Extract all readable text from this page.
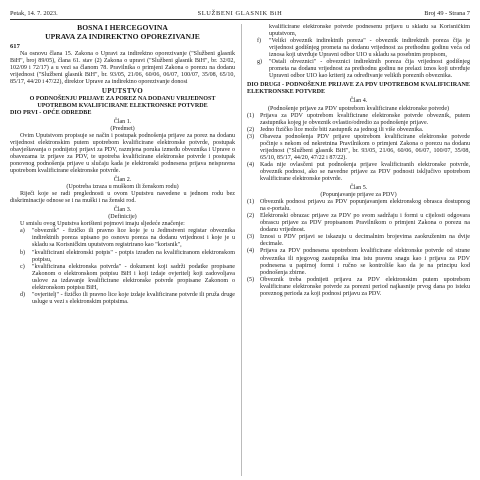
Petak, 14. 7. 2023.	SLUŽBENI GLASNIK BiH	Broj 49 - Strana 7

BOSNA I HERCEGOVINA

UPRAVA ZA INDIREKTNO OPOREZIVANJE

617

Na osnovu člana 15. Zakona o Upravi za indirektno oporezivanje ("Službeni glasnik BiH", broj 89/05), člana 61. stav (2) Zakona o upravi ("Službeni glasnik BiH", br. 32/02, 102/09 i 72/17) a u vezi sa članom 78. Pravilnika o primjeni Zakona o porezu na dodanu vrijednost ("Službeni glasnik BiH", br. 93/05, 21/06, 60/06, 06/07, 100/07, 35/08, 65/10, 85/17, 44/20 i 47/22), direktor Uprave za indirektno oporezivanje donosi

UPUTSTVO

O PODNOŠENJU PRIJAVE ZA POREZ NA DODANU VRIJEDNOST UPOTREBOM KVALIFICIRANE ELEKTRONSKE POTVRDE

DIO PRVI - OPĆE ODREDBE

Član 1.

(Predmet)

Ovim Uputstvom propisuje se način i postupak podnošenja prijave za porez na dodanu vrijednost elektronskim putem upotrebom kvalificirane elektronske potvrde, postupak obavještavanja o podnijetoj prijavi za PDV, razmjena poruka između obveznika i Uprave o obavezama iz prijave za PDV, te upotreba kvalificirane elektronske potvrde i postupak ponovnog podnošenja prijave u slučaju kada je elektronski podnesena prijava neispravna upotrebom kvalificirane elektronske potvrde.

Član 2.

(Upotreba izraza u muškom ili ženskom rodu)

Riječi koje se radi preglednosti u ovom Uputstvu navedene u jednom rodu bez diskriminacije odnose se i na muški i na ženski rod.

Član 3.

(Definicije)

U smislu ovog Uputstva korišteni pojmovi imaju sljedeće značenje:

a)	"obveznik" - fizičko ili pravno lice koje je u Jedinstveni registar obveznika indirektnih poreza upisano po osnovu poreza na dodanu vrijednost i koje je u skladu sa Korisničkim uputstvom registrirano kao "korisnik",
b)	"kvalificirani elektronski potpis" - potpis izrađen na kvalificiranom elektronskom potpisu,
c)	"kvalificirana elektronska potvrda" - dokument koji sadrži podatke propisane Zakonom o elektronskom potpisu BiH i koji izdaje ovjeritelj koji zadovoljava uslove za izdavanje kvalificirane elektronske potvrde propisane Zakonom o elektronskom potpisu BiH,
d)	"ovjeritelj" - fizičko ili pravno lice koje izdaje kvalificirane potvrde ili pruža druge usluge u vezi s elektronskim potpisima.

kvalificirane elektronske potvrde podnesenu prijavu u skladu sa Korisničkim uputstvom,

f)	"Veliki obveznik indirektnih poreza" - obveznik indirektnih poreza čija je vrijednost godišnjeg prometa na dodanu vrijednost za prethodnu godinu veća od iznosa koji utvrđuje Upravni odbor UIO u skladu sa posebnim propisom,
g)	"Ostali obveznici" - obveznici indirektnih poreza čija vrijednost godišnjeg prometa na dodanu vrijednost za prethodnu godinu ne prelazi iznos koji utvrđuje Upravni odbor UIO kao kriterij za određivanje velikih poreznih obveznika.

DIO DRUGI - PODNOŠENJE PRIJAVE ZA PDV UPOTREBOM KVALIFICIRANE ELEKTRONSKE POTVRDE

Član 4.

(Podnošenje prijave za PDV upotrebom kvalificirane elektronske potvrde)

(1) Prijava za PDV upotrebom kvalificirane elektronske potvrde obveznik, putem zastupnika kojeg je obveznik ovlastio/odredio za podnošenje prijave.
(2) Jedno fizičko lice može biti zastupnik za jednog ili više obveznika.
(3) Obaveza podnošenja PDV prijave upotrebom kvalificirane elektronske potvrde počinje s nekom od nekretnina Pravilnikom o primjeni Zakona o porezu na dodanu vrijednost ("Službeni glasnik BiH", br. 93/05, 21/06, 60/06, 06/07, 100/07, 35/08, 65/10, 85/17, 44/20, 47/22 i 87/22).
(4) Kada nije ovlasčeni put podnošenja prijave kvalificiranih elektronske potvrde, obveznik podnosi, ako se navedne prijave za PDV podnosti isključivo upotrebom kvalificirane elektronske potvrde.

Član 5.

(Popunjavanje prijave za PDV)

(1) Obveznik podnosi prijavu za PDV popunjavanjem elektronskog obrasca dostupnog na e-portalu.
(2) Elektronski obrazac prijave za PDV po svom sadržaju i formi u cijelosti odgovara obrascu prijave za PDV propisanom Pravilnikom o primjeni Zakona o porezu na dodanu vrijednost.
(3) Iznosi u PDV prijavi se iskazuju u decimalnim brojevima zaokruženim na dvije decimale.
(4) Prijava za PDV podnesena upotrebom kvalificirane elektronske potvrde od strane obveznika ili njegovog zastupnika ima istu pravnu snagu kao i prijava za PDV podnesena u papirnoj formi i ručno se kontroliše kao da je na principu kod podnošenja zbirne.
(5) Obveznik treba podnijeti prijavu za PDV elektronskim putem upotrebom kvalificirane elektronske potvrde za porezni period najkasnije prvog dana po isteku poreznog perioda za koji podnosi prijavu za PDV.
